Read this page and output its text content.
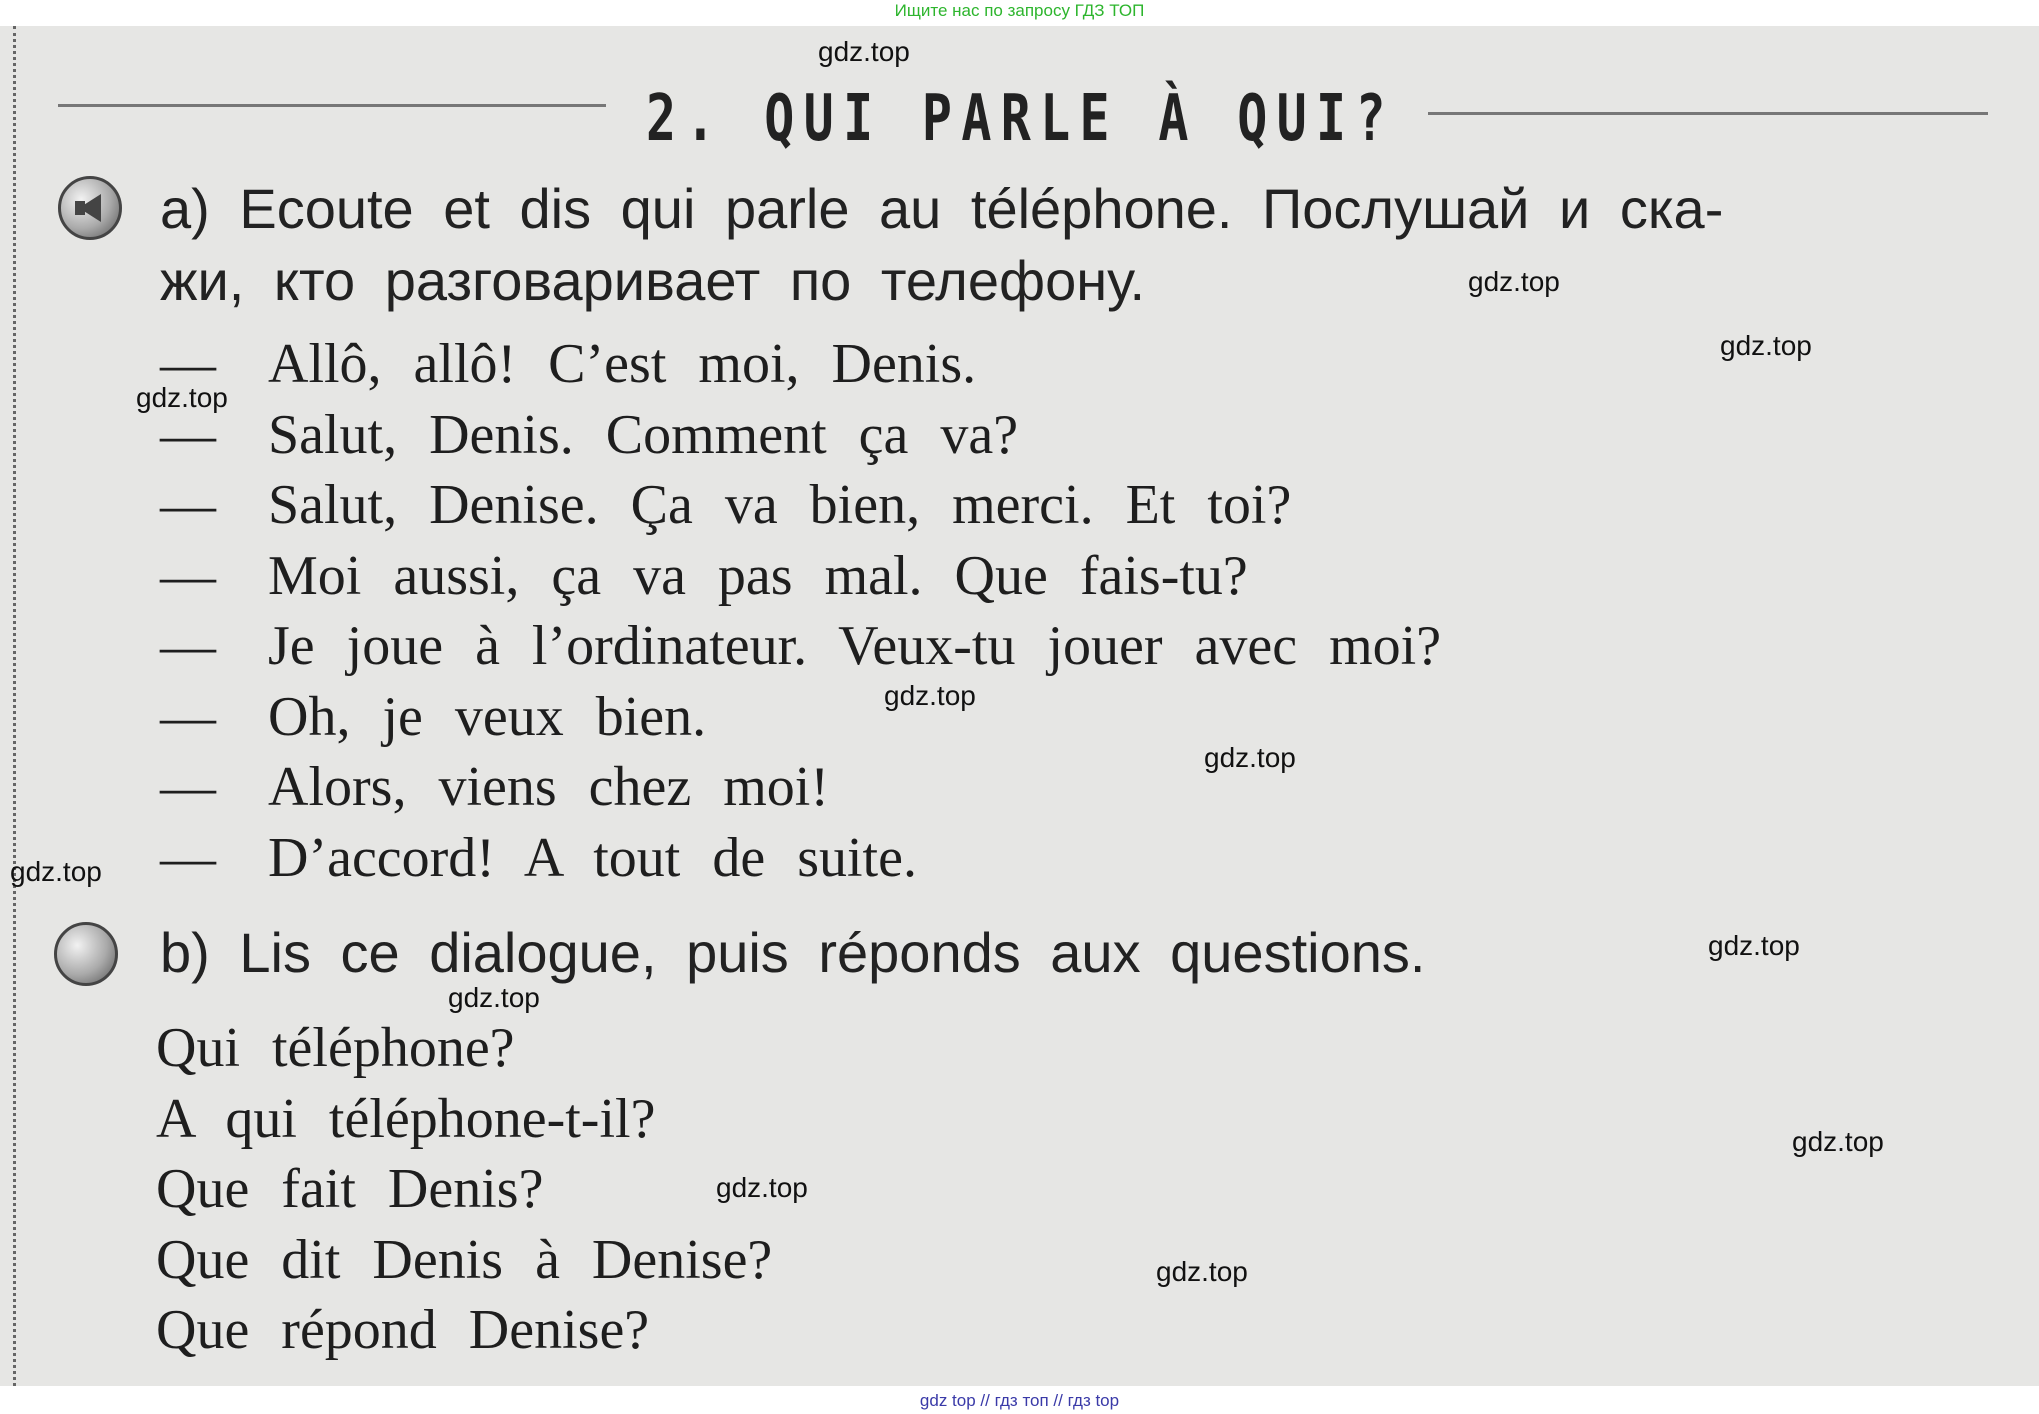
Ищите нас по запросу ГДЗ ТОП
2. QUI PARLE À QUI?
a) Ecoute et dis qui parle au téléphone. Послушай и ска-
жи, кто разговаривает по телефону.
— Allô, allô! C’est moi, Denis.
— Salut, Denis. Comment ça va?
— Salut, Denise. Ça va bien, merci. Et toi?
— Moi aussi, ça va pas mal. Que fais-tu?
— Je joue à l’ordinateur. Veux-tu jouer avec moi?
— Oh, je veux bien.
— Alors, viens chez moi!
— D’accord! A tout de suite.
b) Lis ce dialogue, puis réponds aux questions.
Qui téléphone?
A qui téléphone-t-il?
Que fait Denis?
Que dit Denis à Denise?
Que répond Denise?
gdz.top
gdz.top
gdz.top
gdz.top
gdz.top
gdz.top
gdz.top
gdz.top
gdz.top
gdz.top
gdz.top
gdz.top
gdz top // гдз топ // гдз top
